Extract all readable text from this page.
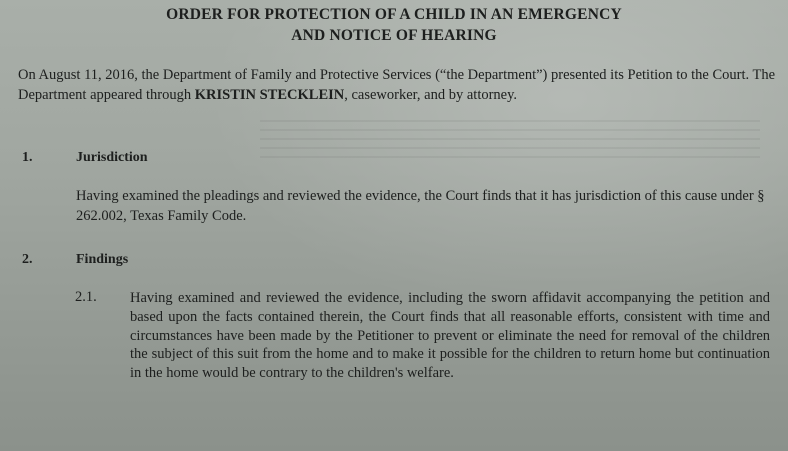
ORDER FOR PROTECTION OF A CHILD IN AN EMERGENCY
AND NOTICE OF HEARING
On August 11, 2016, the Department of Family and Protective Services (“the Department”) presented its Petition to the Court. The Department appeared through KRISTIN STECKLEIN, caseworker, and by attorney.
1.	Jurisdiction
Having examined the pleadings and reviewed the evidence, the Court finds that it has jurisdiction of this cause under § 262.002, Texas Family Code.
2.	Findings
2.1. Having examined and reviewed the evidence, including the sworn affidavit accompanying the petition and based upon the facts contained therein, the Court finds that all reasonable efforts, consistent with time and circumstances have been made by the Petitioner to prevent or eliminate the need for removal of the children the subject of this suit from the home and to make it possible for the children to return home but continuation in the home would be contrary to the children's welfare.
